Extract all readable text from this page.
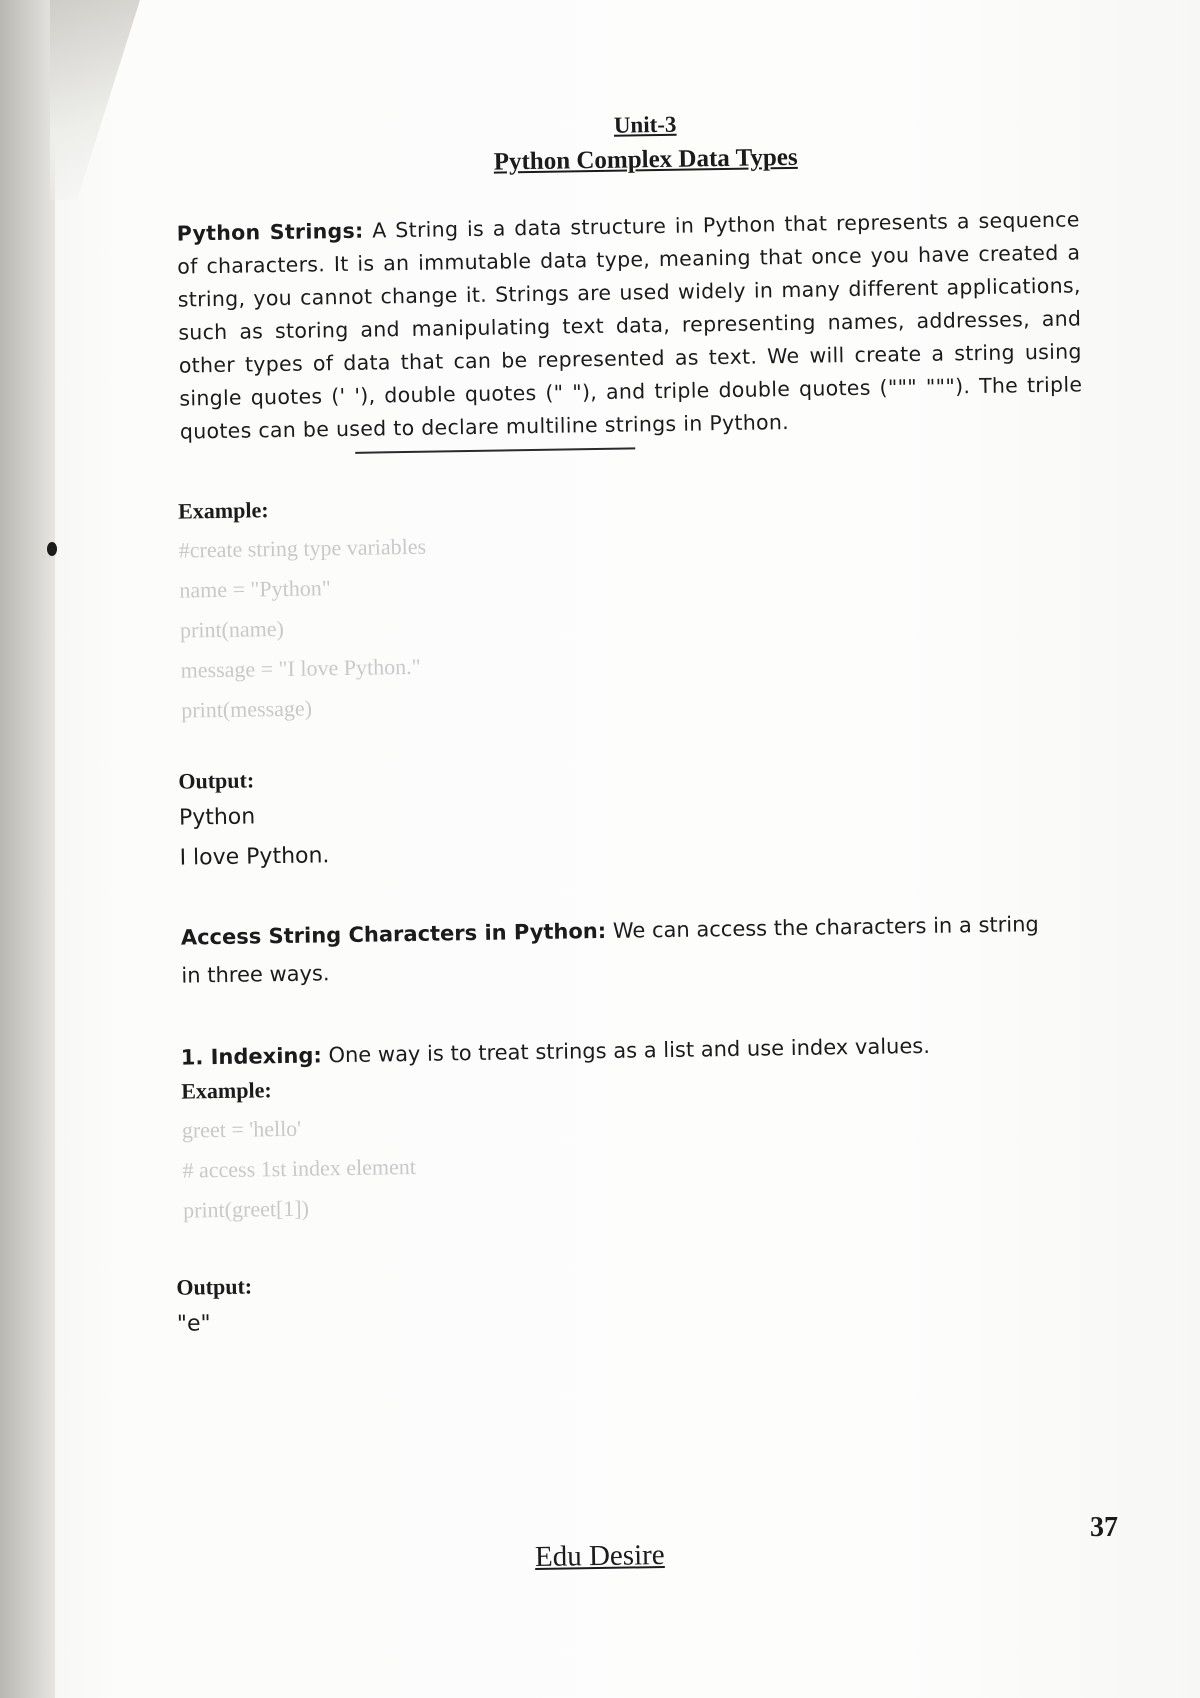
Unit-3
Python Complex Data Types
Python Strings: A String is a data structure in Python that represents a sequence of characters. It is an immutable data type, meaning that once you have created a string, you cannot change it. Strings are used widely in many different applications, such as storing and manipulating text data, representing names, addresses, and other types of data that can be represented as text. We will create a string using single quotes (' '), double quotes (" "), and triple double quotes (""" """). The triple quotes can be used to declare multiline strings in Python.
Example:
#create string type variables
name = "Python"
print(name)
message = "I love Python."
print(message)
Output:
Python
I love Python.
Access String Characters in Python: We can access the characters in a string in three ways.
1. Indexing: One way is to treat strings as a list and use index values.
Example:
greet = 'hello'
# access 1st index element
print(greet[1])
Output:
"e"
Edu Desire
37
